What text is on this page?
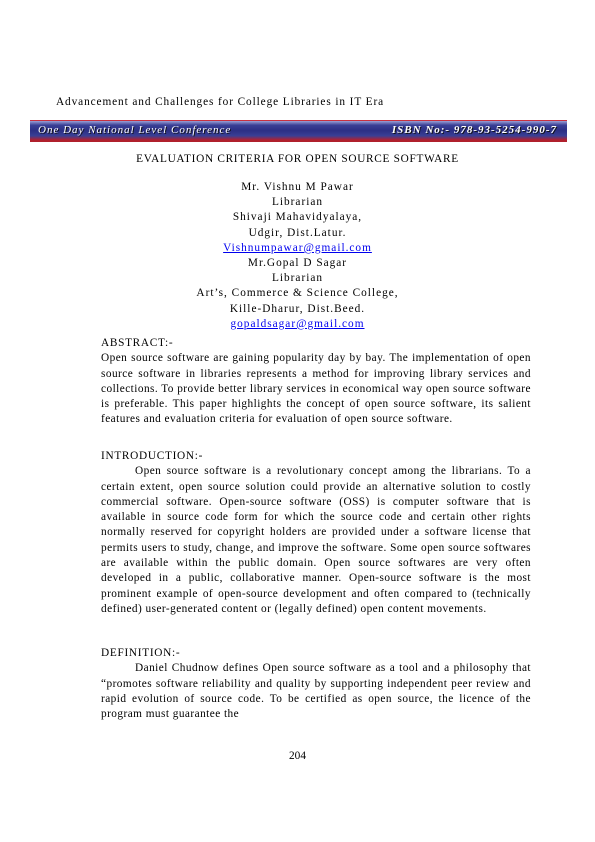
Advancement and Challenges for College Libraries in IT Era
One Day National Level Conference	ISBN No:- 978-93-5254-990-7
EVALUATION CRITERIA FOR OPEN SOURCE SOFTWARE
Mr. Vishnu M Pawar
Librarian
Shivaji Mahavidyalaya,
Udgir, Dist.Latur.
Vishnumpawar@gmail.com
Mr.Gopal D Sagar
Librarian
Art’s, Commerce & Science College,
Kille-Dharur, Dist.Beed.
gopaldsagar@gmail.com
ABSTRACT:-

Open source software are gaining popularity day by bay. The implementation of open source software in libraries represents a method for improving library services and collections. To provide better library services in economical way open source software is preferable. This paper highlights the concept of open source software, its salient features and evaluation criteria for evaluation of open source software.

INTRODUCTION:-

Open source software is a revolutionary concept among the librarians. To a certain extent, open source solution could provide an alternative solution to costly commercial software. Open-source software (OSS) is computer software that is available in source code form for which the source code and certain other rights normally reserved for copyright holders are provided under a software license that permits users to study, change, and improve the software. Some open source softwares are available within the public domain. Open source softwares are very often developed in a public, collaborative manner. Open-source software is the most prominent example of open-source development and often compared to (technically defined) user-generated content or (legally defined) open content movements.

DEFINITION:-

Daniel Chudnow defines Open source software as a tool and a philosophy that “promotes software reliability and quality by supporting independent peer review and rapid evolution of source code. To be certified as open source, the licence of the program must guarantee the

204
